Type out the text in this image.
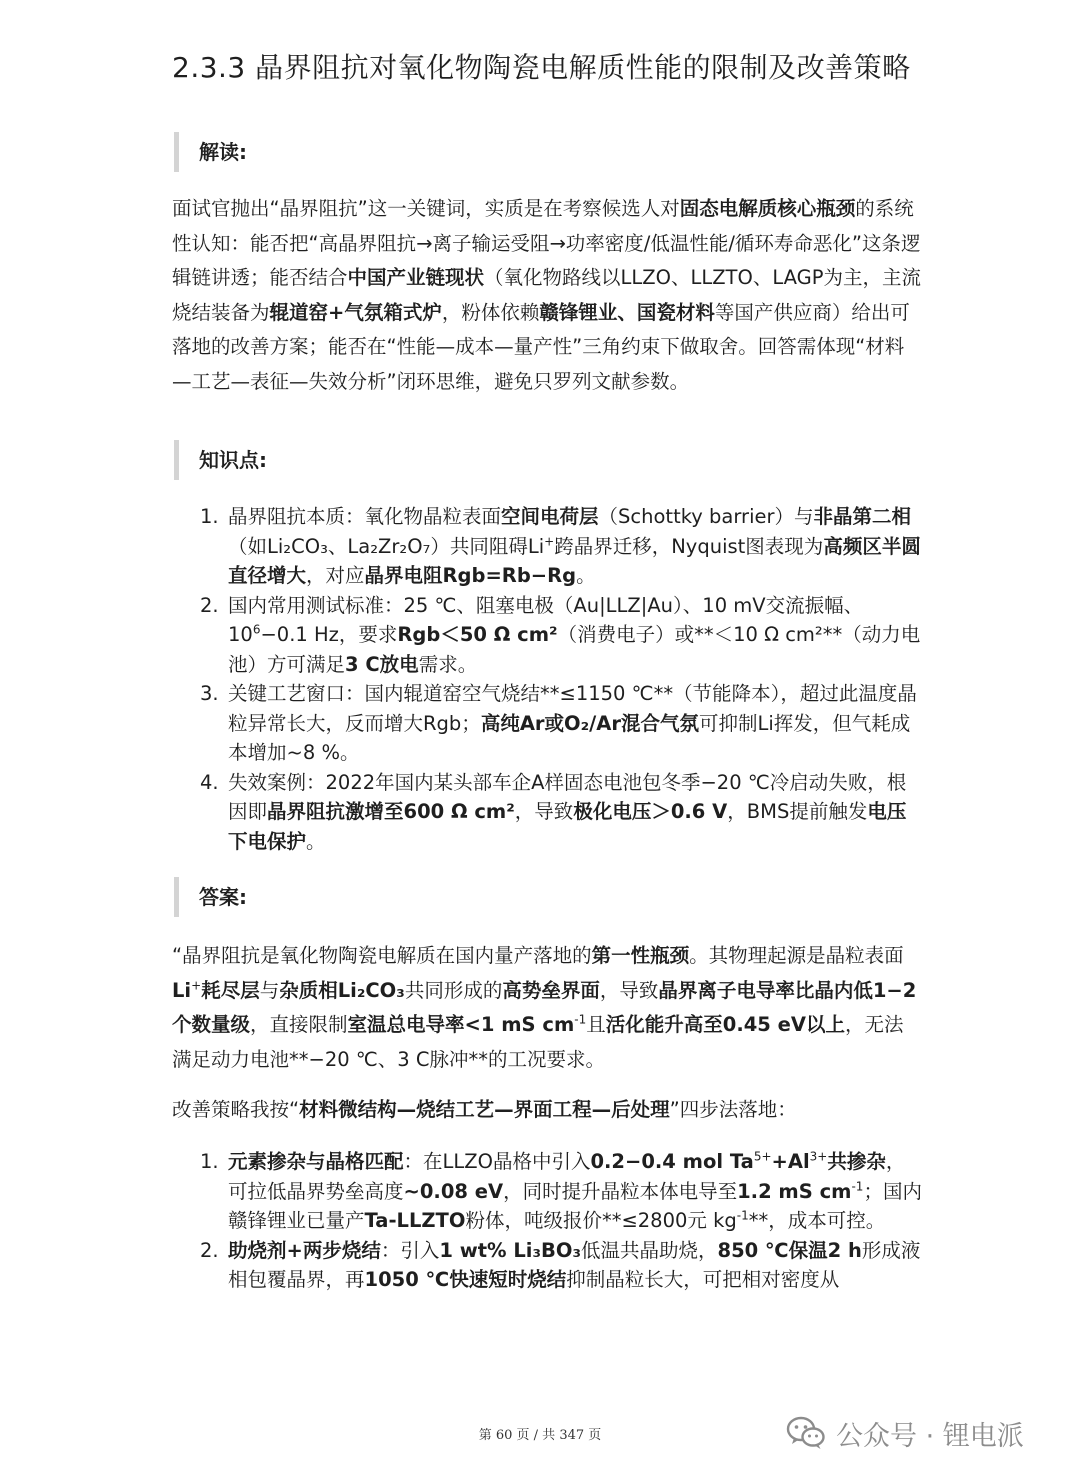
2.3.3 晶界阻抗对氧化物陶瓷电解质性能的限制及改善策略
解读:

面试官抛出“晶界阻抗”这一关键词，实质是在考察候选人对固态电解质核心瓶颈的系统性认知：能否把“高晶界阻抗→离子输运受阻→功率密度/低温性能/循环寿命恶化”这条逻辑链讲透；能否结合中国产业链现状（氧化物路线以LLZO、LLZTO、LAGP为主，主流烧结装备为辊道窑+气氛箱式炉，粉体依赖赣锋锂业、国瓷材料等国产供应商）给出可落地的改善方案；能否在“性能—成本—量产性”三角约束下做取舍。回答需体现“材料—工艺—表征—失效分析”闭环思维，避免只罗列文献参数。

知识点:
1. 晶界阻抗本质：氧化物晶粒表面空间电荷层（Schottky barrier）与非晶第二相（如Li₂CO₃、La₂Zr₂O₇）共同阻碍Li+跨晶界迁移，Nyquist图表现为高频区半圆直径增大，对应晶界电阻Rgb=Rb−Rg。
2. 国内常用测试标准：25 ℃、阻塞电极（Au|LLZ|Au）、10 mV交流振幅、$10^6-0.1$ Hz，要求Rgb＜50 Ω cm²（消费电子）或**＜10 Ω cm²**（动力电池）方可满足3 C放电需求。
3. 关键工艺窗口：国内辊道窑空气烧结**≤1150 ℃**（节能降本），超过此温度晶粒异常长大，反而增大Rgb；高纯Ar或O₂/Ar混合气氛可抑制Li挥发，但气耗成本增加~8 %。
4. 失效案例：2022年国内某头部车企A样固态电池包冬季−20 ℃冷启动失败，根因即晶界阻抗激增至600 Ω cm²，导致极化电压＞0.6 V，BMS提前触发电压下电保护。
答案:

“晶界阻抗是氧化物陶瓷电解质在国内量产落地的第一性瓶颈。其物理起源是晶粒表面Li+耗尽层与杂质相Li₂CO₃共同形成的高势垒界面，导致晶界离子电导率比晶内低1−2个数量级，直接限制室温总电导率<1 mS $cm^{-1}$且活化能升高至0.45 eV以上，无法满足动力电池**−20 ℃、3 C脉冲**的工况要求。

改善策略我按“材料微结构—烧结工艺—界面工程—后处理”四步法落地：

1. 元素掺杂与晶格匹配：在LLZO晶格中引入0.2−0.4 mol $Ta^{5+}+Al^{3+}$共掺杂，可拉低晶界势垒高度~0.08 eV，同时提升晶粒本体电导至1.2 mS $cm^{-1}$；国内赣锋锂业已量产Ta-LLZTO粉体，吨级报价**≤2800元 $kg^{-1}**$，成本可控。
2. 助烧剂+两步烧结：引入1 wt% Li₃BO₃低温共晶助烧，850 ℃保温2 h形成液相包覆晶界，再1050 ℃快速短时烧结抑制晶粒长大，可把相对密度从
第 60 页 / 共 347 页	公众号 · 锂电派
